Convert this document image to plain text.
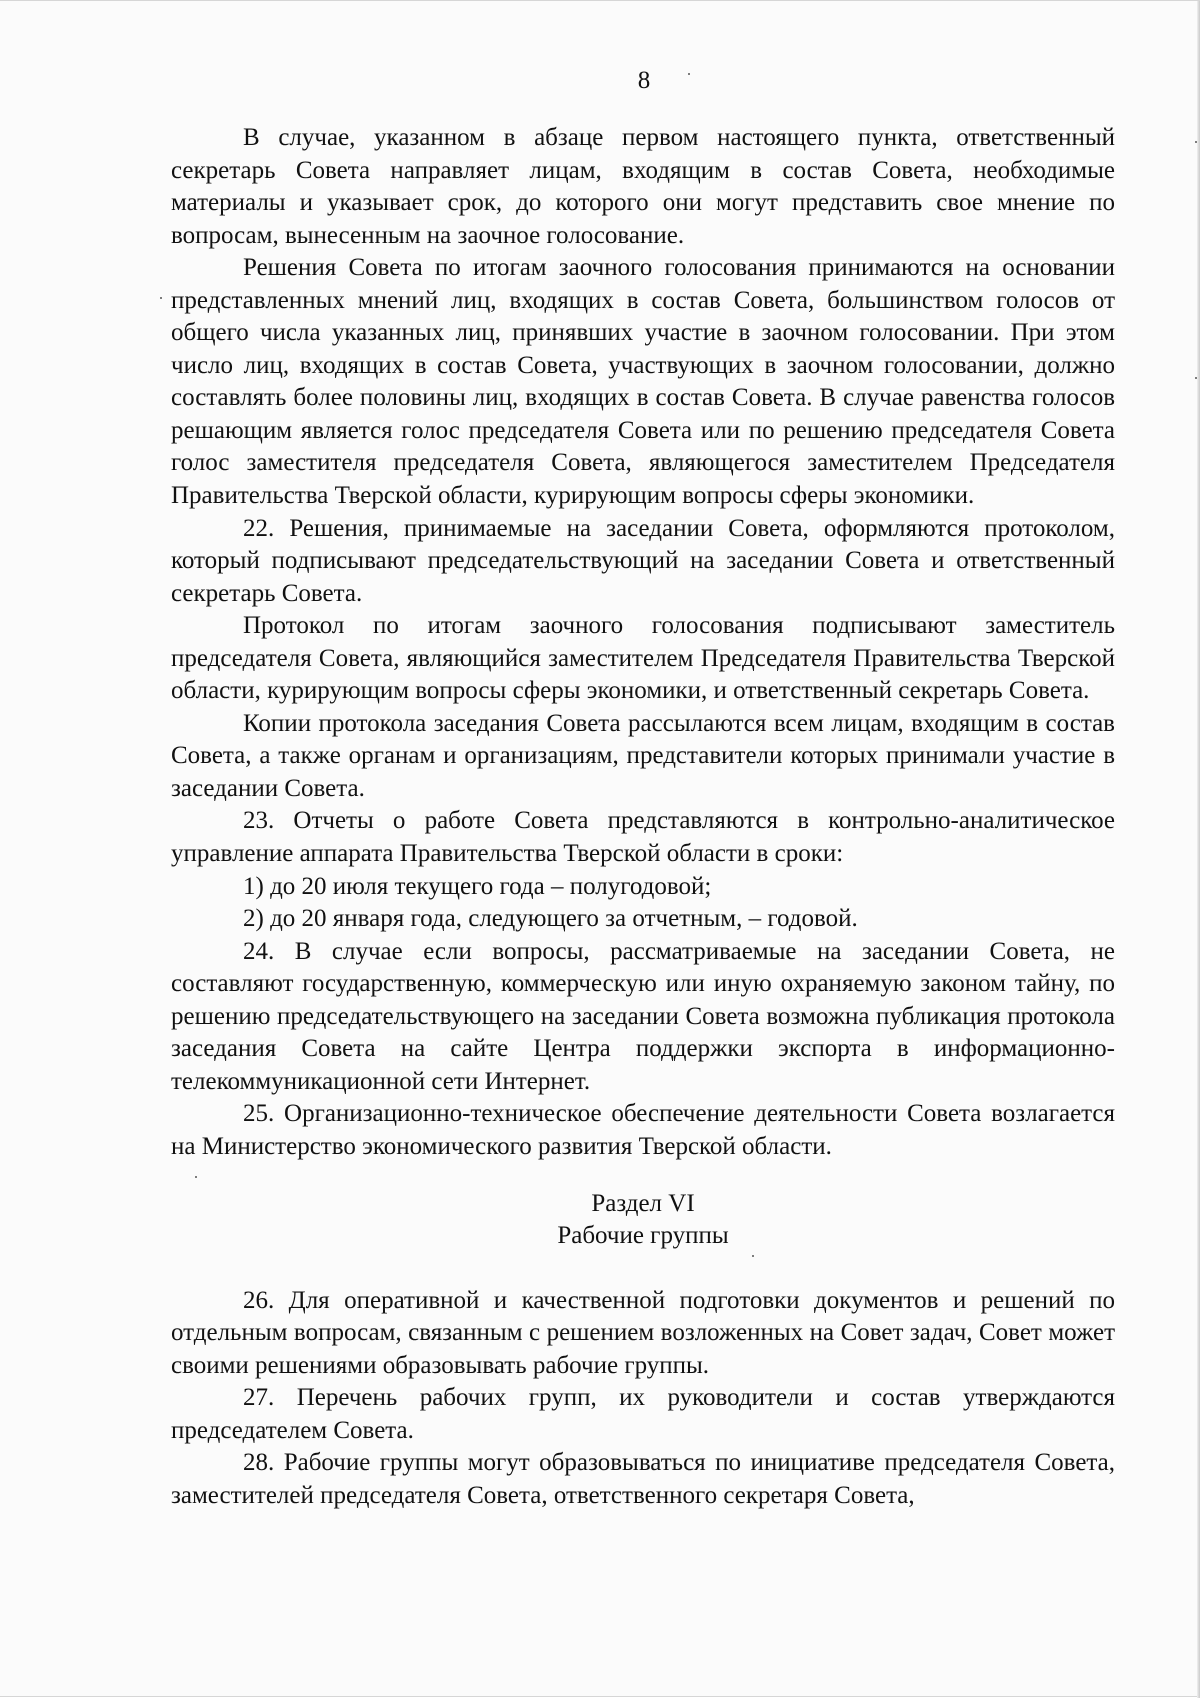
8

В случае, указанном в абзаце первом настоящего пункта, ответственный секретарь Совета направляет лицам, входящим в состав Совета, необходимые материалы и указывает срок, до которого они могут представить свое мнение по вопросам, вынесенным на заочное голосование.

Решения Совета по итогам заочного голосования принимаются на основании представленных мнений лиц, входящих в состав Совета, большинством голосов от общего числа указанных лиц, принявших участие в заочном голосовании. При этом число лиц, входящих в состав Совета, участвующих в заочном голосовании, должно составлять более половины лиц, входящих в состав Совета. В случае равенства голосов решающим является голос председателя Совета или по решению председателя Совета голос заместителя председателя Совета, являющегося заместителем Председателя Правительства Тверской области, курирующим вопросы сферы экономики.

22. Решения, принимаемые на заседании Совета, оформляются протоколом, который подписывают председательствующий на заседании Совета и ответственный секретарь Совета.

Протокол по итогам заочного голосования подписывают заместитель председателя Совета, являющийся заместителем Председателя Правительства Тверской области, курирующим вопросы сферы экономики, и ответственный секретарь Совета.

Копии протокола заседания Совета рассылаются всем лицам, входящим в состав Совета, а также органам и организациям, представители которых принимали участие в заседании Совета.

23. Отчеты о работе Совета представляются в контрольно-аналитическое управление аппарата Правительства Тверской области в сроки:

1) до 20 июля текущего года – полугодовой;

2) до 20 января года, следующего за отчетным, – годовой.

24. В случае если вопросы, рассматриваемые на заседании Совета, не составляют государственную, коммерческую или иную охраняемую законом тайну, по решению председательствующего на заседании Совета возможна публикация протокола заседания Совета на сайте Центра поддержки экспорта в информационно-телекоммуникационной сети Интернет.

25. Организационно-техническое обеспечение деятельности Совета возлагается на Министерство экономического развития Тверской области.

Раздел VI
Рабочие группы

26. Для оперативной и качественной подготовки документов и решений по отдельным вопросам, связанным с решением возложенных на Совет задач, Совет может своими решениями образовывать рабочие группы.

27. Перечень рабочих групп, их руководители и состав утверждаются председателем Совета.

28. Рабочие группы могут образовываться по инициативе председателя Совета, заместителей председателя Совета, ответственного секретаря Совета,
